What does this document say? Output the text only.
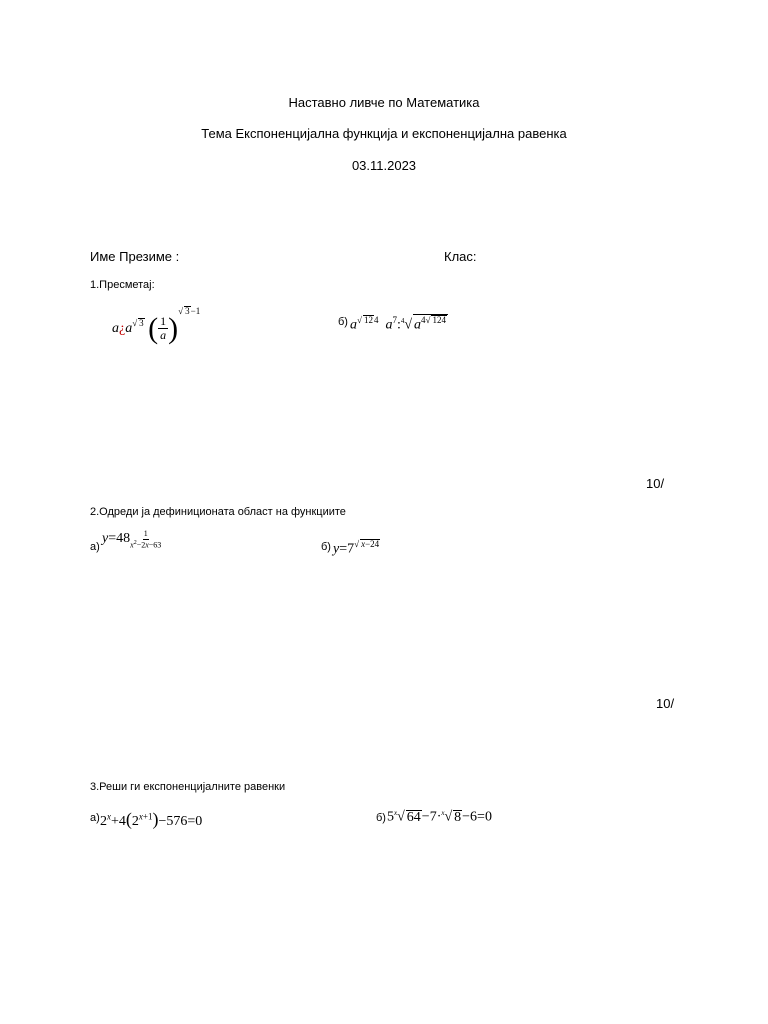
Наставно ливче по Математика
Тема Експоненцијална функција и експоненцијална равенка
03.11.2023
Име Презиме :	Клас:
1.Пресметај:
$a¿a^{√ 3}$ ( $\frac{1}{a} )^{√ 3-1}$
б) $a^{√ 124}$  $a^7:^4√$ $a^{4√ 124}$
10/
2.Одреди ја дефиниционата област на функциите
а)
$y=48 \frac{1}{x^2-2x-63}$	б) $y=7^{√ x-24}$
10/
3.Реши ги експоненцијалните равенки
а) $2^x+4(2^{x+1})-576=0$	б) 5$^x$√ 64−7·$^x$√ 8−6=0
